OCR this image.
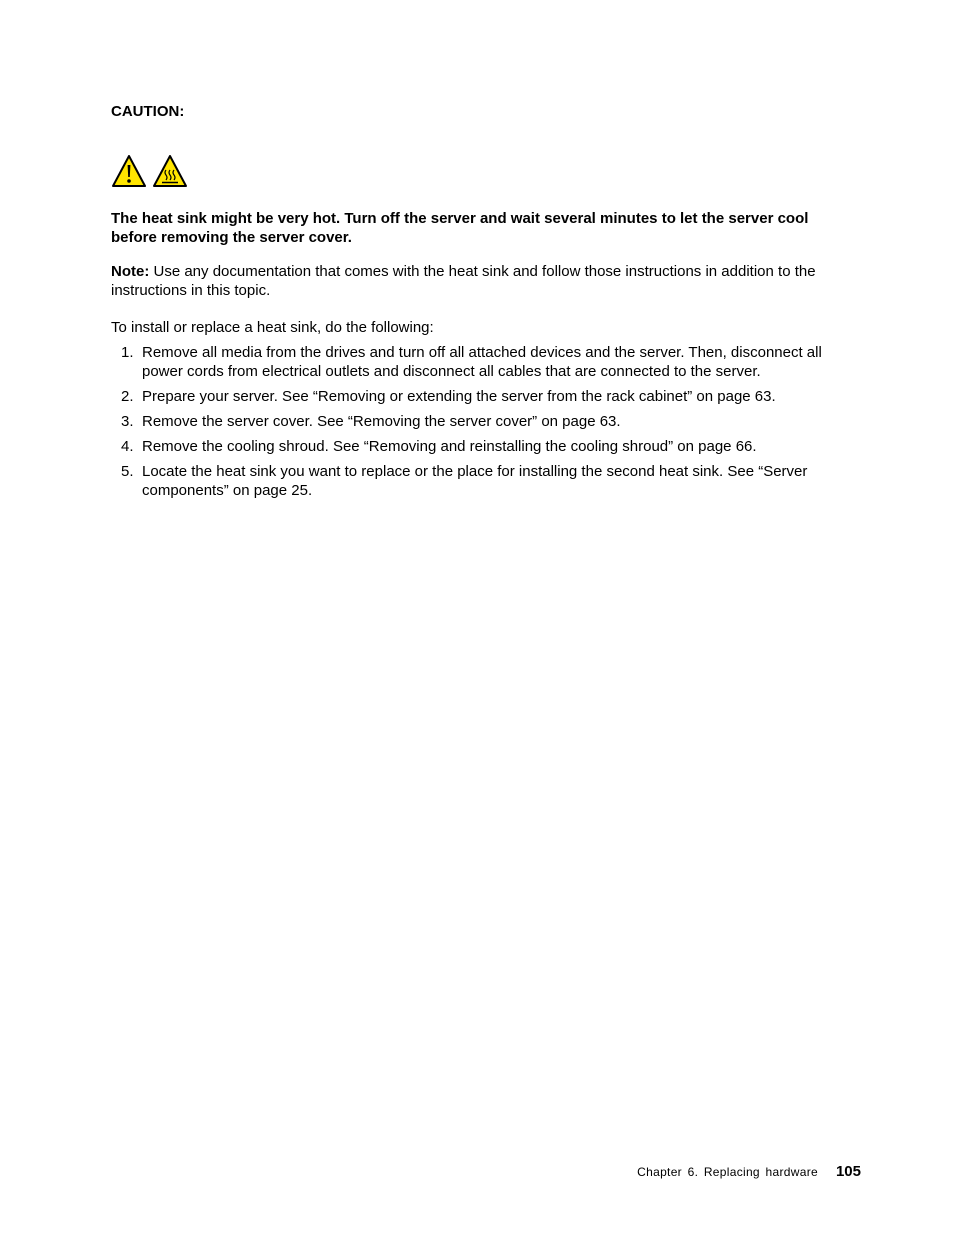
CAUTION:

The heat sink might be very hot. Turn off the server and wait several minutes to let the server cool before removing the server cover.

Note: Use any documentation that comes with the heat sink and follow those instructions in addition to the instructions in this topic.

To install or replace a heat sink, do the following:

1. Remove all media from the drives and turn off all attached devices and the server. Then, disconnect all power cords from electrical outlets and disconnect all cables that are connected to the server.
2. Prepare your server. See “Removing or extending the server from the rack cabinet” on page 63.
3. Remove the server cover. See “Removing the server cover” on page 63.
4. Remove the cooling shroud. See “Removing and reinstalling the cooling shroud” on page 66.
5. Locate the heat sink you want to replace or the place for installing the second heat sink. See “Server components” on page 25.
Chapter 6. Replacing hardware 105
